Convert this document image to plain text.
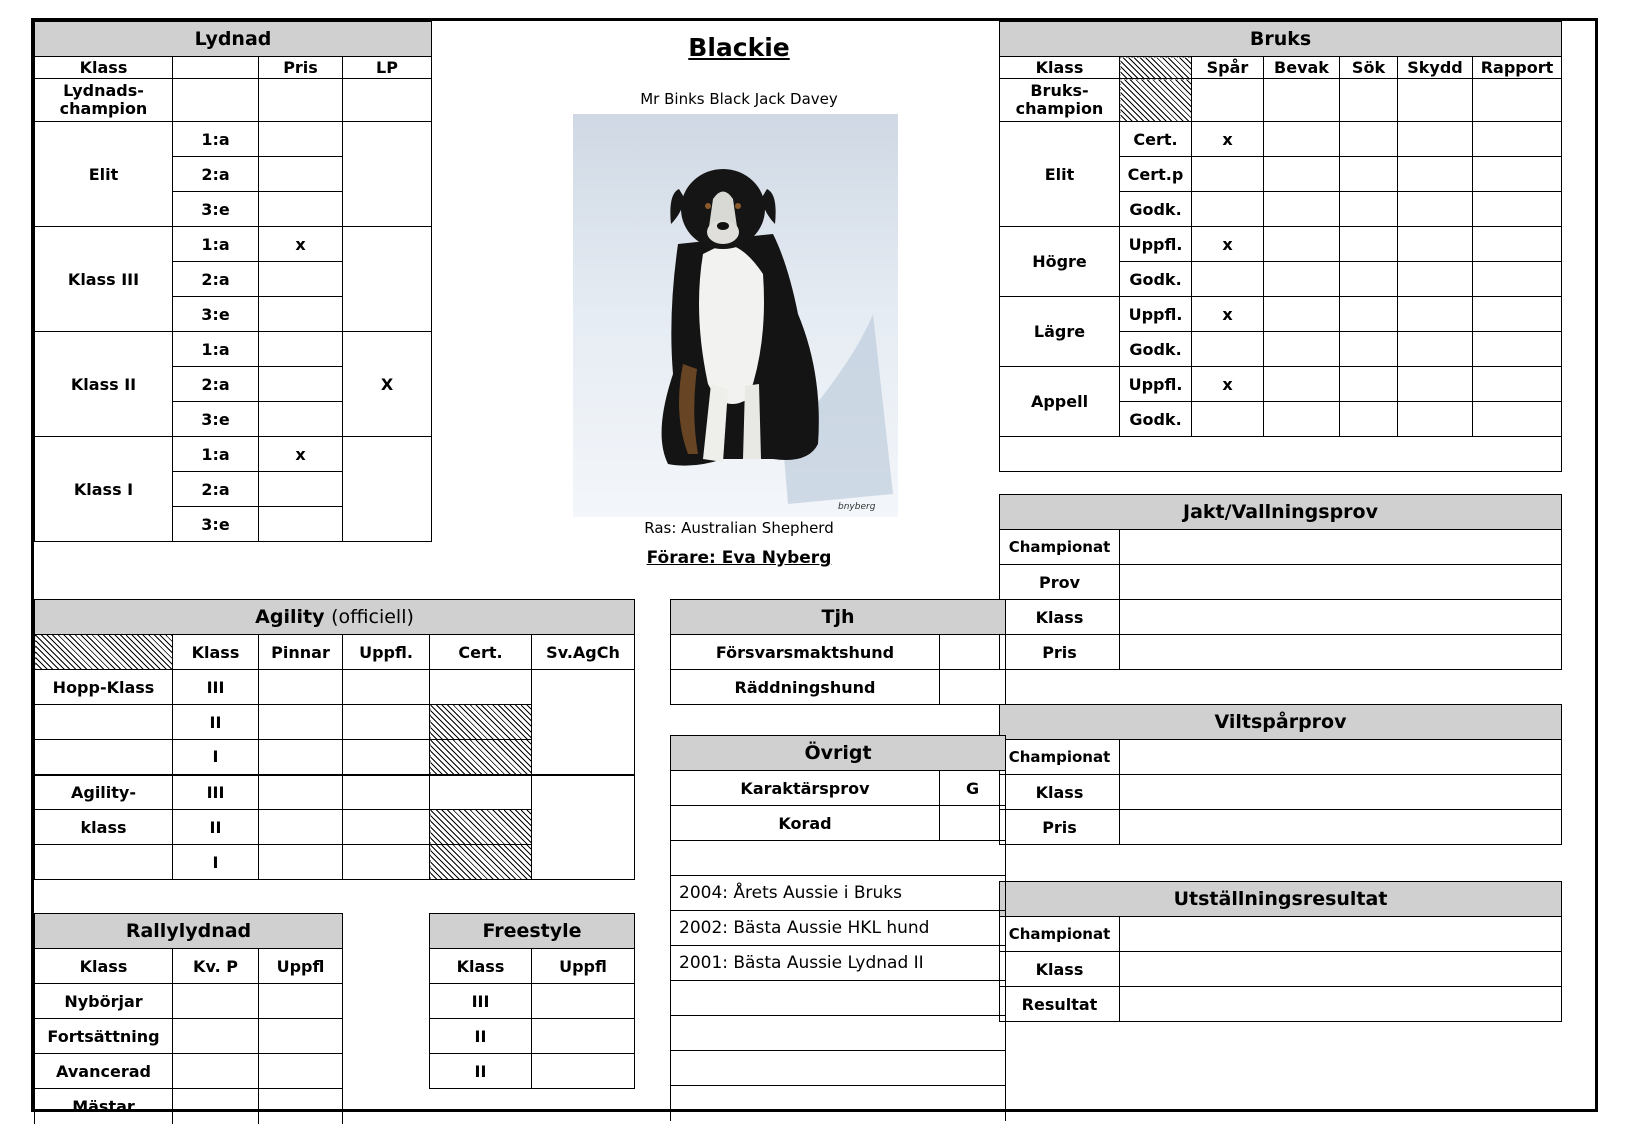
Lydnad			
Klass		Pris	LP
Lydnads-champion			
Elit	1:a		
	2:a		
	3:e		
Klass III	1:a	x	
	2:a		
	3:e		
Klass II	1:a		X
	2:a		
	3:e		
Klass I	1:a	x	
	2:a		
	3:e		
Blackie
Mr Binks Black Jack Davey
bnyberg
Ras: Australian Shepherd
Förare: Eva Nyberg
Bruks						
Klass		Spår	Bevak	Sök	Skydd	Rapport
Bruks-champion						
Elit	Cert.	x				
	Cert.p					
	Godk.					
Högre	Uppfl.	x				
	Godk.					
Lägre	Uppfl.	x				
	Godk.					
Appell	Uppfl.	x				
	Godk.					

Jakt/Vallningsprov	
Championat	
Prov	
Klass	
Pris	
Viltspårprov	
Championat	
Klass	
Pris	
Utställningsresultat	
Championat	
Klass	
Resultat	
Agility (officiell)					
	Klass	Pinnar	Uppfl.	Cert.	Sv.AgCh
Hopp-Klass	III				
	II				
	I				
Agility-	III				
klass	II				
	I				
Tjh	
Försvarsmaktshund	
Räddningshund	
Övrigt	
Karaktärsprov	G
Korad	

2004: Årets Aussie i Bruks	
2002: Bästa Aussie HKL hund	
2001: Bästa Aussie Lydnad II	

Rallylydnad		
Klass	Kv. P	Uppfl
Nybörjar		
Fortsättning		
Avancerad		
Mästar		
Freestyle	
Klass	Uppfl
III	
II	
II	
